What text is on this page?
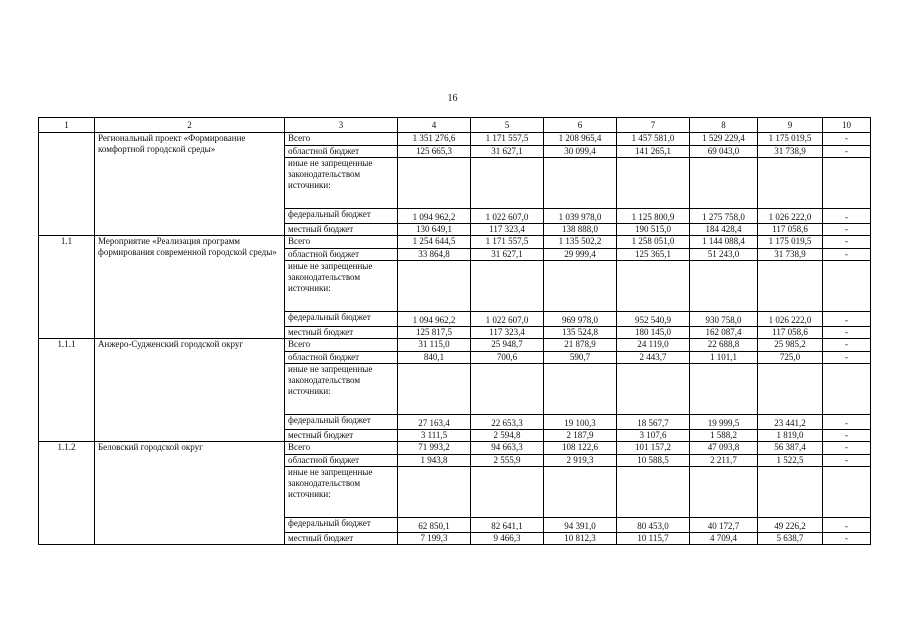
16
1	2	3	4	5	6	7	8	9	10
	Региональный проект «Формирование комфортной городской среды»	Всего	1 351 276,6	1 171 557,5	1 208 965,4	1 457 581,0	1 529 229,4	1 175 019,5	-
		областной бюджет	125 665,3	31 627,1	30 099,4	141 265,1	69 043,0	31 738,9	-
		иные не запрещенные законодательством источники:							
		федеральный бюджет	1 094 962,2	1 022 607,0	1 039 978,0	1 125 800,9	1 275 758,0	1 026 222,0	-
		местный бюджет	130 649,1	117 323,4	138 888,0	190 515,0	184 428,4	117 058,6	-
1.1	Мероприятие «Реализация программ формирования современной городской среды»	Всего	1 254 644,5	1 171 557,5	1 135 502,2	1 258 051,0	1 144 088,4	1 175 019,5	-
		областной бюджет	33 864,8	31 627,1	29 999,4	125 365,1	51 243,0	31 738,9	-
		иные не запрещенные законодательством источники:							
		федеральный бюджет	1 094 962,2	1 022 607,0	969 978,0	952 540,9	930 758,0	1 026 222,0	-
		местный бюджет	125 817,5	117 323,4	135 524,8	180 145,0	162 087,4	117 058,6	-
1.1.1	Анжеро-Судженский городской округ	Всего	31 115,0	25 948,7	21 878,9	24 119,0	22 688,8	25 985,2	-
		областной бюджет	840,1	700,6	590,7	2 443,7	1 101,1	725,0	-
		иные не запрещенные законодательством источники:							
		федеральный бюджет	27 163,4	22 653,3	19 100,3	18 567,7	19 999,5	23 441,2	-
		местный бюджет	3 111,5	2 594,8	2 187,9	3 107,6	1 588,2	1 819,0	-
1.1.2	Беловский городской округ	Всего	71 993,2	94 663,3	108 122,6	101 157,2	47 093,8	56 387,4	-
		областной бюджет	1 943,8	2 555,9	2 919,3	10 588,5	2 211,7	1 522,5	-
		иные не запрещенные законодательством источники:							
		федеральный бюджет	62 850,1	82 641,1	94 391,0	80 453,0	40 172,7	49 226,2	-
		местный бюджет	7 199,3	9 466,3	10 812,3	10 115,7	4 709,4	5 638,7	-
